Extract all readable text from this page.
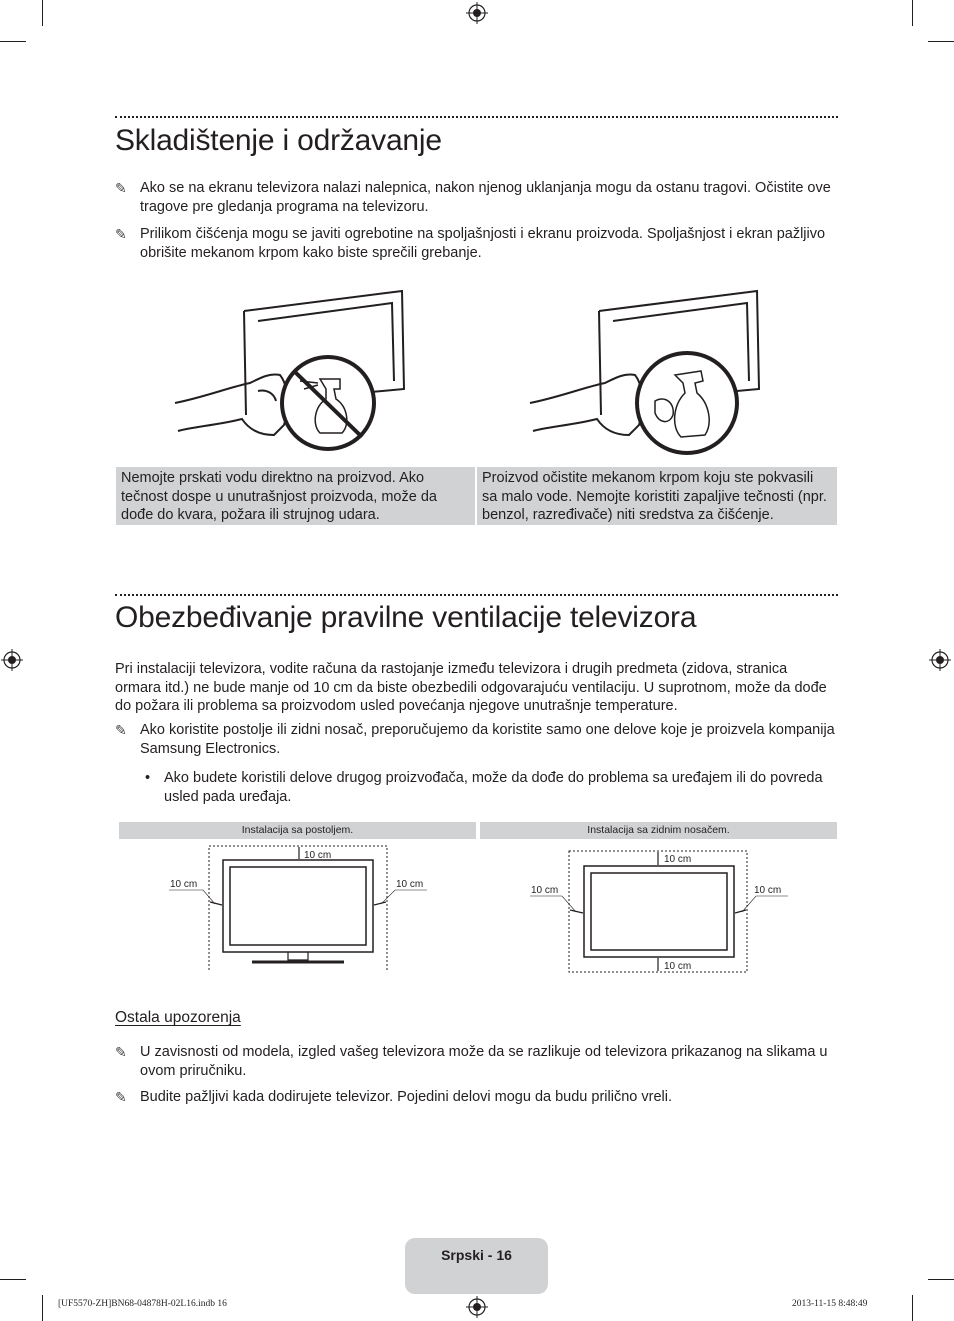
Skladištenje i održavanje
✎ Ako se na ekranu televizora nalazi nalepnica, nakon njenog uklanjanja mogu da ostanu tragovi. Očistite ove tragove pre gledanja programa na televizoru.
✎ Prilikom čišćenja mogu se javiti ogrebotine na spoljašnjosti i ekranu proizvoda. Spoljašnjost i ekran pažljivo obrišite mekanom krpom kako biste sprečili grebanje.
Nemojte prskati vodu direktno na proizvod. Ako tečnost dospe u unutrašnjost proizvoda, može da dođe do kvara, požara ili strujnog udara.
Proizvod očistite mekanom krpom koju ste pokvasili sa malo vode. Nemojte koristiti zapaljive tečnosti (npr. benzol, razređivače) niti sredstva za čišćenje.
Obezbeđivanje pravilne ventilacije televizora
Pri instalaciji televizora, vodite računa da rastojanje između televizora i drugih predmeta (zidova, stranica ormara itd.) ne bude manje od 10 cm da biste obezbedili odgovarajuću ventilaciju. U suprotnom, može da dođe do požara ili problema sa proizvodom usled povećanja njegove unutrašnje temperature.
✎ Ako koristite postolje ili zidni nosač, preporučujemo da koristite samo one delove koje je proizvela kompanija Samsung Electronics.
• Ako budete koristili delove drugog proizvođača, može da dođe do problema sa uređajem ili do povreda usled pada uređaja.
Instalacija sa postoljem.	Instalacija sa zidnim nosačem.
10 cm
10 cm	10 cm
10 cm
10 cm
10 cm	10 cm
Ostala upozorenja
✎ U zavisnosti od modela, izgled vašeg televizora može da se razlikuje od televizora prikazanog na slikama u ovom priručniku.
✎ Budite pažljivi kada dodirujete televizor. Pojedini delovi mogu da budu prilično vreli.
Srpski - 16
[UF5570-ZH]BN68-04878H-02L16.indb 16	2013-11-15 8:48:49
